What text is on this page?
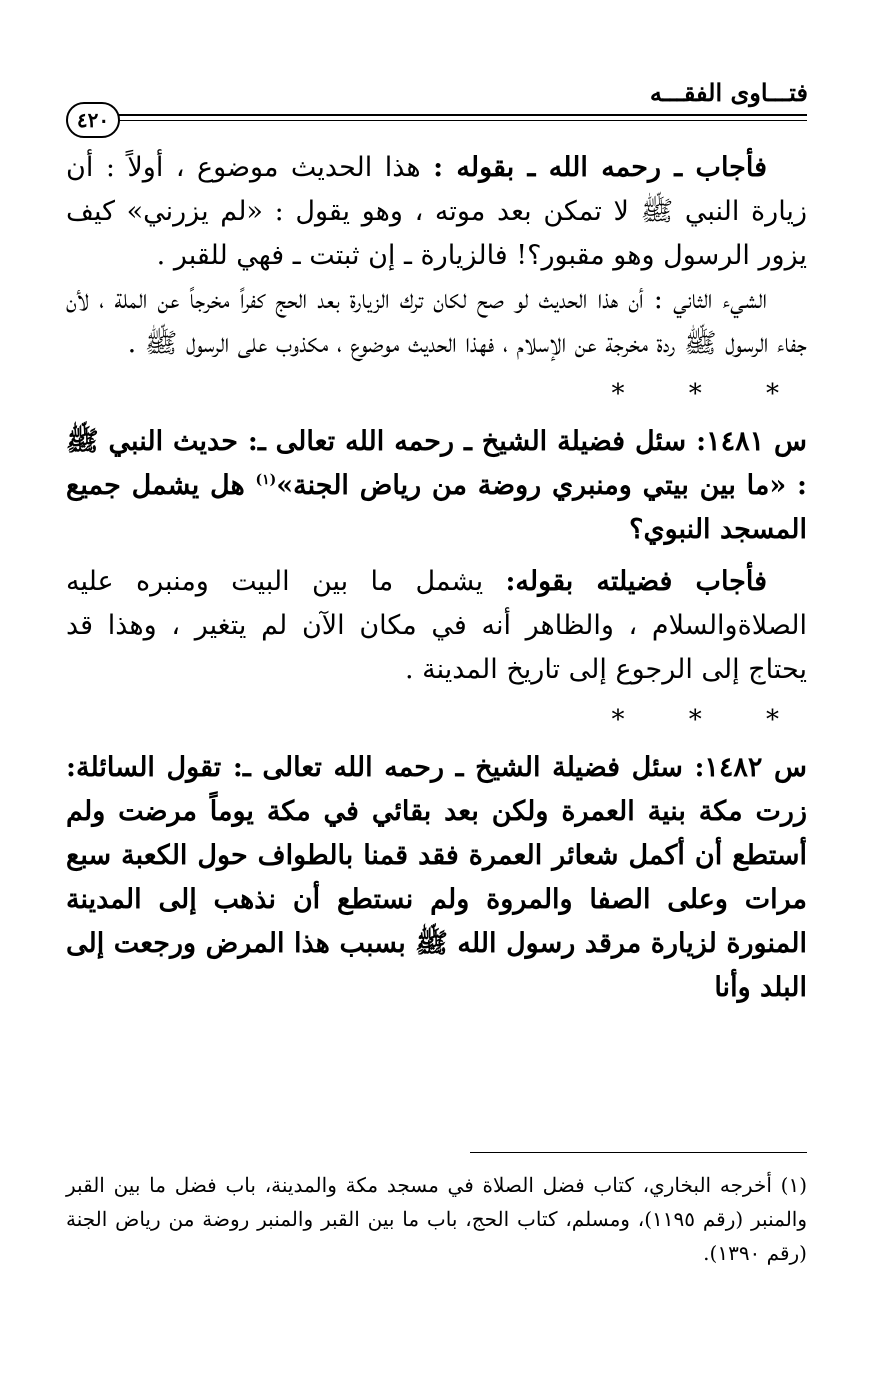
فتـــاوى الفقـــه
٤٢٠

فأجاب ـ رحمه الله ـ بقوله : هذا الحديث موضوع ، أولاً : أن زيارة النبي ﷺ لا تمكن بعد موته ، وهو يقول : «لم يزرني» كيف يزور الرسول وهو مقبور؟! فالزيارة ـ إن ثبتت ـ فهي للقبر .

الشيء الثاني : أن هذا الحديث لو صح لكان ترك الزيارة بعد الحج كفراً مخرجاً عن الملة ، لأن جفاء الرسول ﷺ ردة مخرجة عن الإسلام ، فهذا الحديث موضوع ، مكذوب على الرسول ﷺ .

* * *

س ١٤٨١: سئل فضيلة الشيخ ـ رحمه الله تعالى ـ: حديث النبي ﷺ : «ما بين بيتي ومنبري روضة من رياض الجنة»$^{(١)}$ هل يشمل جميع المسجد النبوي؟

فأجاب فضيلته بقوله: يشمل ما بين البيت ومنبره عليه الصلاةوالسلام ، والظاهر أنه في مكان الآن لم يتغير ، وهذا قد يحتاج إلى الرجوع إلى تاريخ المدينة .

* * *

س ١٤٨٢: سئل فضيلة الشيخ ـ رحمه الله تعالى ـ: تقول السائلة: زرت مكة بنية العمرة ولكن بعد بقائي في مكة يوماً مرضت ولم أستطع أن أكمل شعائر العمرة فقد قمنا بالطواف حول الكعبة سبع مرات وعلى الصفا والمروة ولم نستطع أن نذهب إلى المدينة المنورة لزيارة مرقد رسول الله ﷺ بسبب هذا المرض ورجعت إلى البلد وأنا

(١) أخرجه البخاري، كتاب فضل الصلاة في مسجد مكة والمدينة، باب فضل ما بين القبر والمنبر (رقم ١١٩٥)، ومسلم، كتاب الحج، باب ما بين القبر والمنبر روضة من رياض الجنة (رقم ١٣٩٠).
